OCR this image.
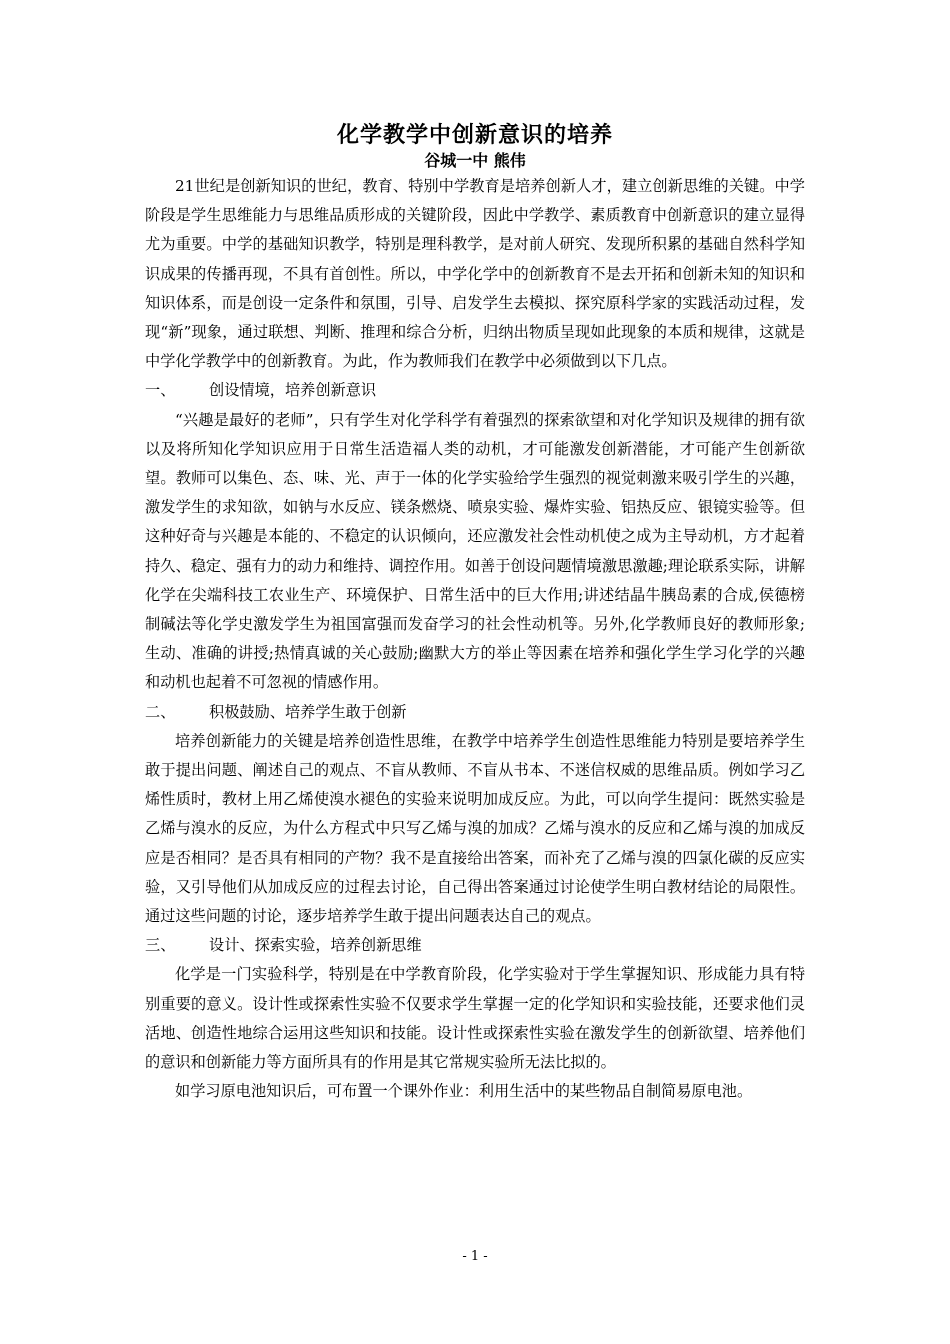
化学教学中创新意识的培养
谷城一中 熊伟

21世纪是创新知识的世纪，教育、特别中学教育是培养创新人才，建立创新思维的关键。中学阶段是学生思维能力与思维品质形成的关键阶段，因此中学教学、素质教育中创新意识的建立显得尤为重要。中学的基础知识教学，特别是理科教学，是对前人研究、发现所积累的基础自然科学知识成果的传播再现，不具有首创性。所以，中学化学中的创新教育不是去开拓和创新未知的知识和知识体系，而是创设一定条件和氛围，引导、启发学生去模拟、探究原科学家的实践活动过程，发现“新”现象，通过联想、判断、推理和综合分析，归纳出物质呈现如此现象的本质和规律，这就是中学化学教学中的创新教育。为此，作为教师我们在教学中必须做到以下几点。

一、 创设情境，培养创新意识

“兴趣是最好的老师”，只有学生对化学科学有着强烈的探索欲望和对化学知识及规律的拥有欲以及将所知化学知识应用于日常生活造福人类的动机，才可能激发创新潜能，才可能产生创新欲望。教师可以集色、态、味、光、声于一体的化学实验给学生强烈的视觉刺激来吸引学生的兴趣，激发学生的求知欲，如钠与水反应、镁条燃烧、喷泉实验、爆炸实验、铝热反应、银镜实验等。但这种好奇与兴趣是本能的、不稳定的认识倾向，还应激发社会性动机使之成为主导动机，方才起着持久、稳定、强有力的动力和维持、调控作用。如善于创设问题情境激思激趣;理论联系实际，讲解化学在尖端科技工农业生产、环境保护、日常生活中的巨大作用;讲述结晶牛胰岛素的合成,侯德榜制碱法等化学史激发学生为祖国富强而发奋学习的社会性动机等。另外,化学教师良好的教师形象;生动、准确的讲授;热情真诚的关心鼓励;幽默大方的举止等因素在培养和强化学生学习化学的兴趣和动机也起着不可忽视的情感作用。

二、 积极鼓励、培养学生敢于创新

培养创新能力的关键是培养创造性思维，在教学中培养学生创造性思维能力特别是要培养学生敢于提出问题、阐述自己的观点、不盲从教师、不盲从书本、不迷信权威的思维品质。例如学习乙烯性质时，教材上用乙烯使溴水褪色的实验来说明加成反应。为此，可以向学生提问：既然实验是乙烯与溴水的反应，为什么方程式中只写乙烯与溴的加成？乙烯与溴水的反应和乙烯与溴的加成反应是否相同？是否具有相同的产物？我不是直接给出答案，而补充了乙烯与溴的四氯化碳的反应实验，又引导他们从加成反应的过程去讨论，自己得出答案通过讨论使学生明白教材结论的局限性。通过这些问题的讨论，逐步培养学生敢于提出问题表达自己的观点。

三、 设计、探索实验，培养创新思维

化学是一门实验科学，特别是在中学教育阶段，化学实验对于学生掌握知识、形成能力具有特别重要的意义。设计性或探索性实验不仅要求学生掌握一定的化学知识和实验技能，还要求他们灵活地、创造性地综合运用这些知识和技能。设计性或探索性实验在激发学生的创新欲望、培养他们的意识和创新能力等方面所具有的作用是其它常规实验所无法比拟的。

如学习原电池知识后，可布置一个课外作业：利用生活中的某些物品自制简易原电池。

- 1 -
